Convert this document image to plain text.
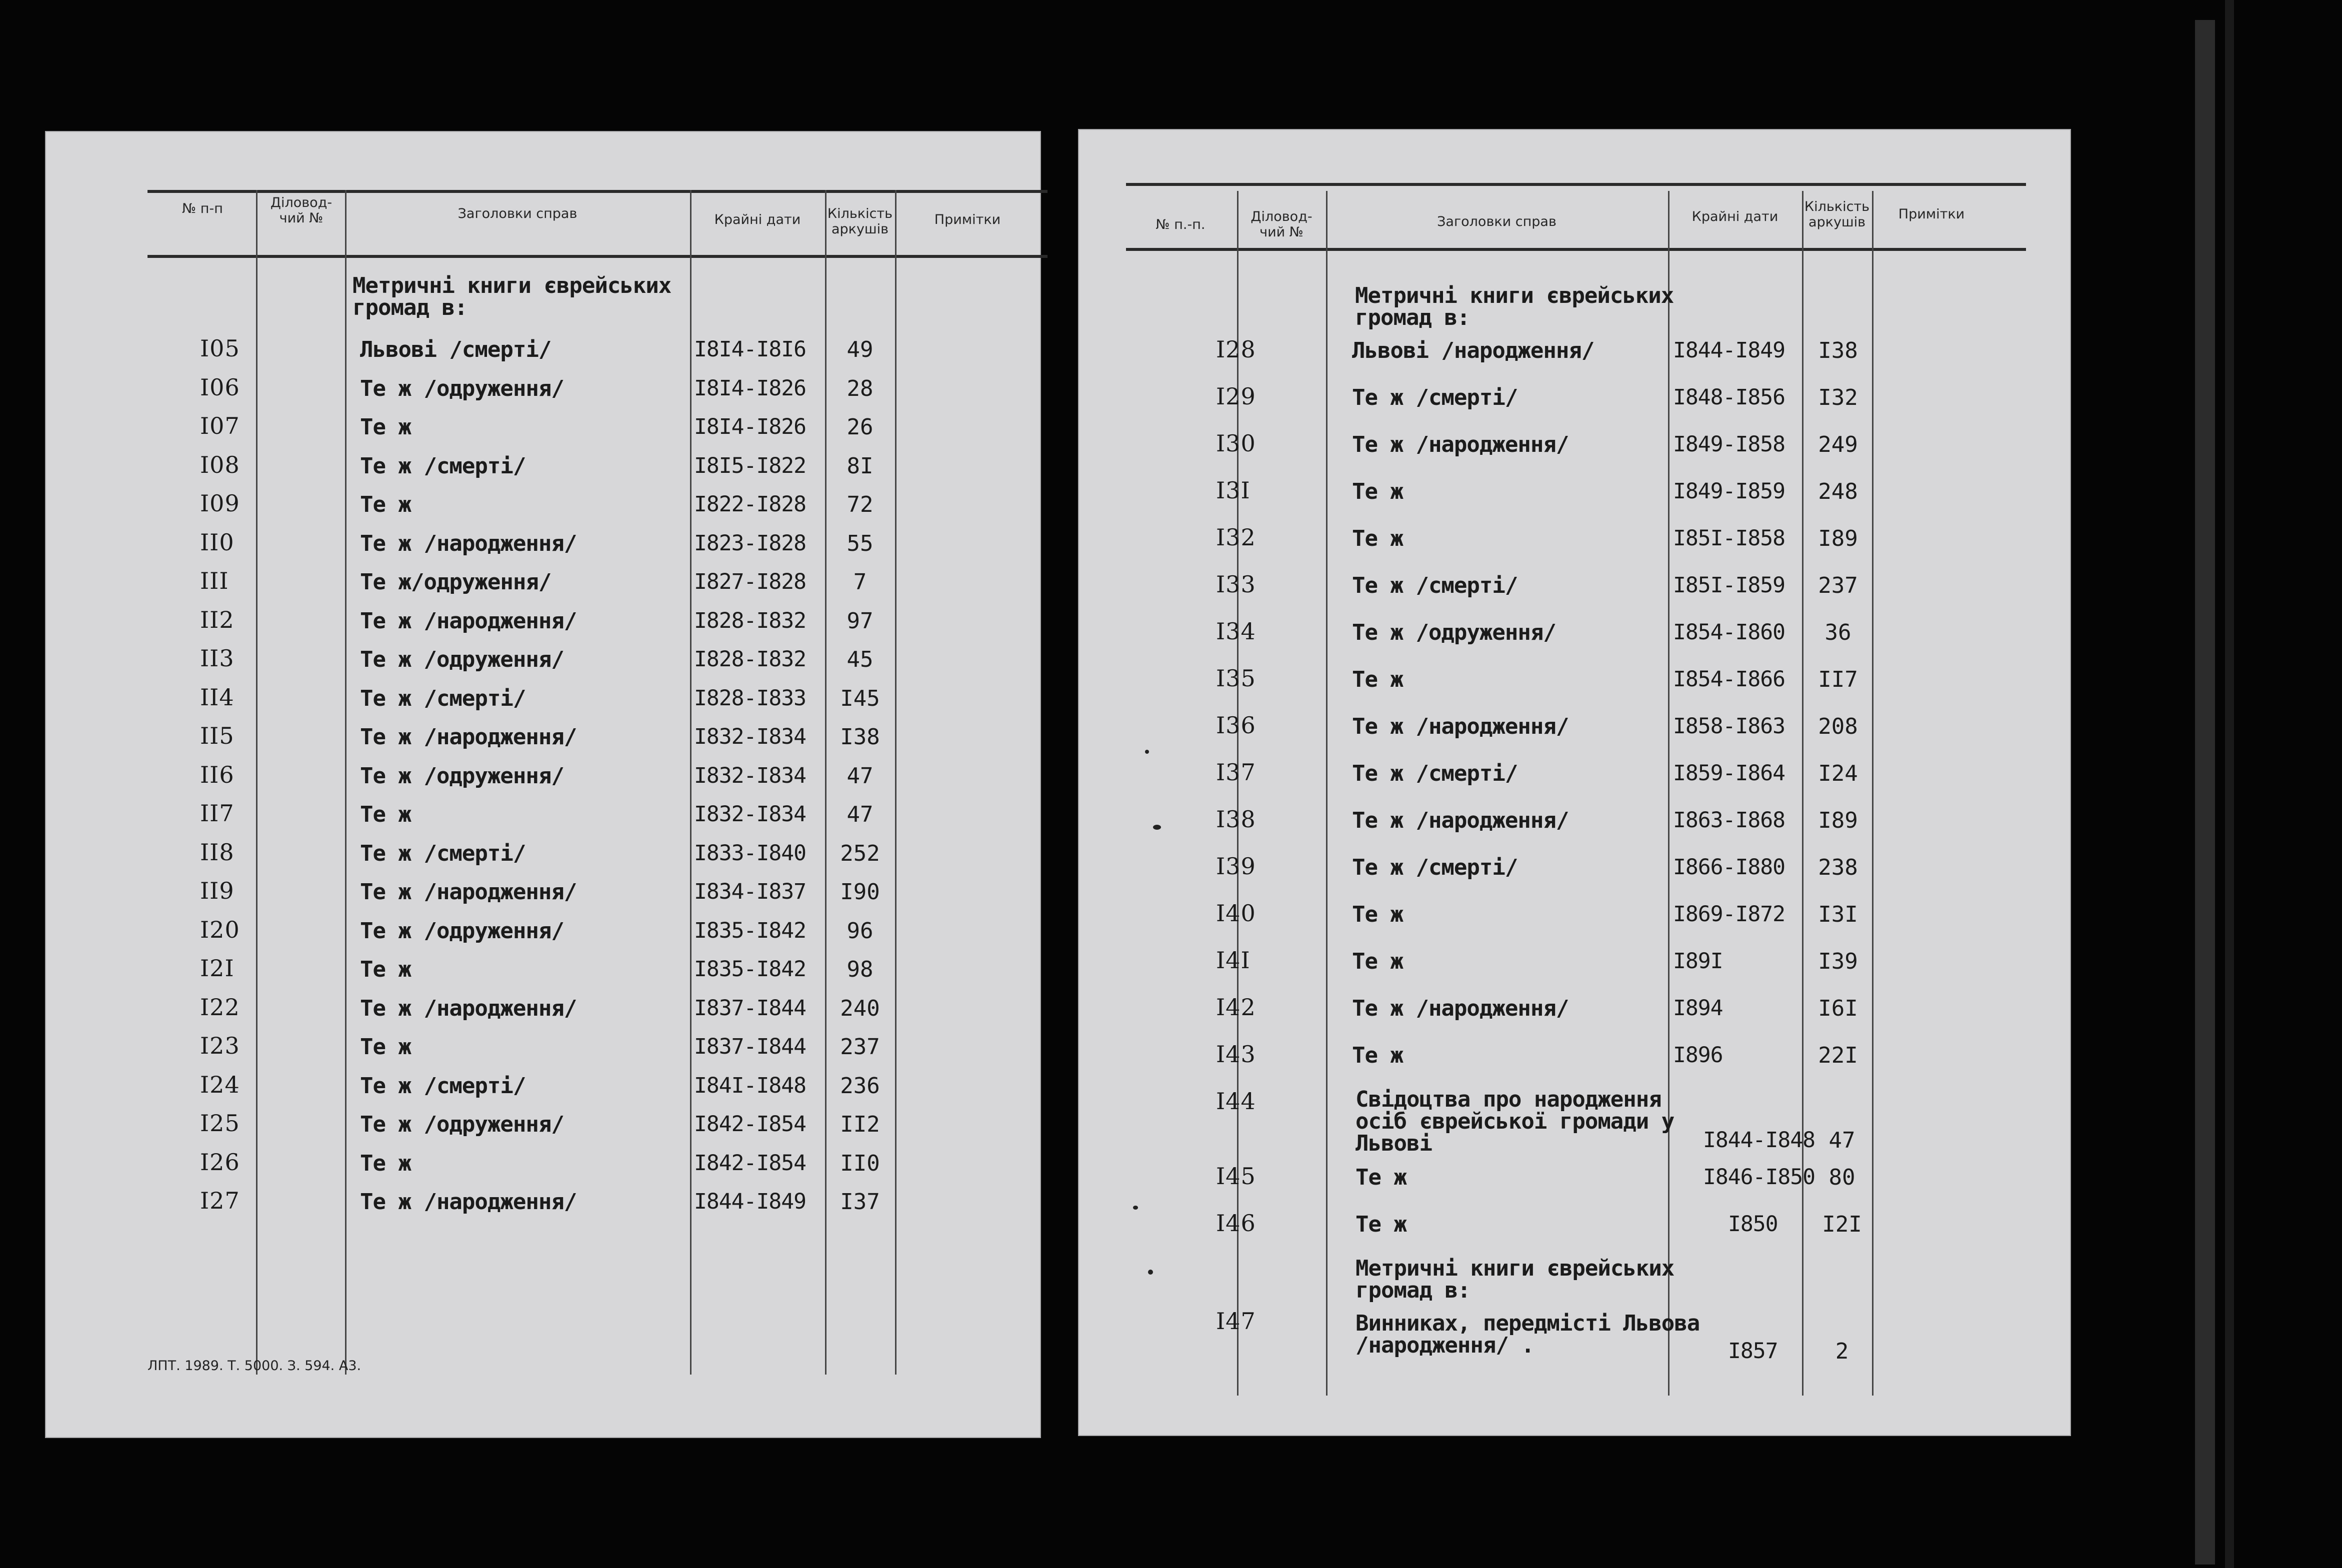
№ п-п	Діловод-
чий №	Заголовки справ	Крайні дати	Кількість
аркушів
Примітки
Метричні книги єврейських
громад в:
I05	Львові /смерті/	I8I4-I8I6	49
I06	Те ж /одруження/	I8I4-I826	28
I07	Те ж	I8I4-I826	26
I08	Те ж /смерті/	I8I5-I822	8I
I09	Те ж	I822-I828	72
II0	Те ж /народження/	I823-I828	55
III	Те ж/одруження/	I827-I828	7
II2	Те ж /народження/	I828-I832	97
II3	Те ж /одруження/	I828-I832	45
II4	Те ж /смерті/	I828-I833	I45
II5	Те ж /народження/	I832-I834	I38
II6	Те ж /одруження/	I832-I834	47
II7	Те ж	I832-I834	47
II8	Те ж /смерті/	I833-I840	252
II9	Те ж /народження/	I834-I837	I90
I20	Те ж /одруження/	I835-I842	96
I2I	Те ж	I835-I842	98
I22	Те ж /народження/	I837-I844	240
I23	Те ж	I837-I844	237
I24	Те ж /смерті/	I84I-I848	236
I25	Те ж /одруження/	I842-I854	II2
I26	Те ж	I842-I854	II0
I27	Те ж /народження/	I844-I849	I37
ЛПТ. 1989. Т. 5000. З. 594. А3.
№ п.-п.
Діловод-
чий №
Заголовки справ	Крайні дати
Кількість
аркушів
Примітки
Метричні книги єврейських
громад в:
I28	Львові /народження/	I844-I849	I38
I29	Те ж /смерті/	I848-I856	I32
I30	Те ж /народження/	I849-I858	249
I3I	Те ж	I849-I859	248
I32	Те ж	I85I-I858	I89
I33	Те ж /смерті/	I85I-I859	237
I34	Те ж /одруження/	I854-I860	36
I35	Те ж	I854-I866	II7
I36	Те ж /народження/	I858-I863	208
I37	Те ж /смерті/	I859-I864	I24
I38	Те ж /народження/	I863-I868	I89
I39	Те ж /смерті/	I866-I880	238
I40	Те ж	I869-I872	I3I
I4I	Те ж	I89I	I39
I42	Те ж /народження/	I894	I6I
I43	Те ж	I896	22I
I44	Свідоцтва про народження
осіб єврейської громади у
Львові	I844-I848 47
I45	Те ж	I846-I850 80
I46	Те ж	I850	I2I
Метричні книги єврейських
громад в:
I47	Винниках, передмісті Львова
/народження/ .	I857	2
